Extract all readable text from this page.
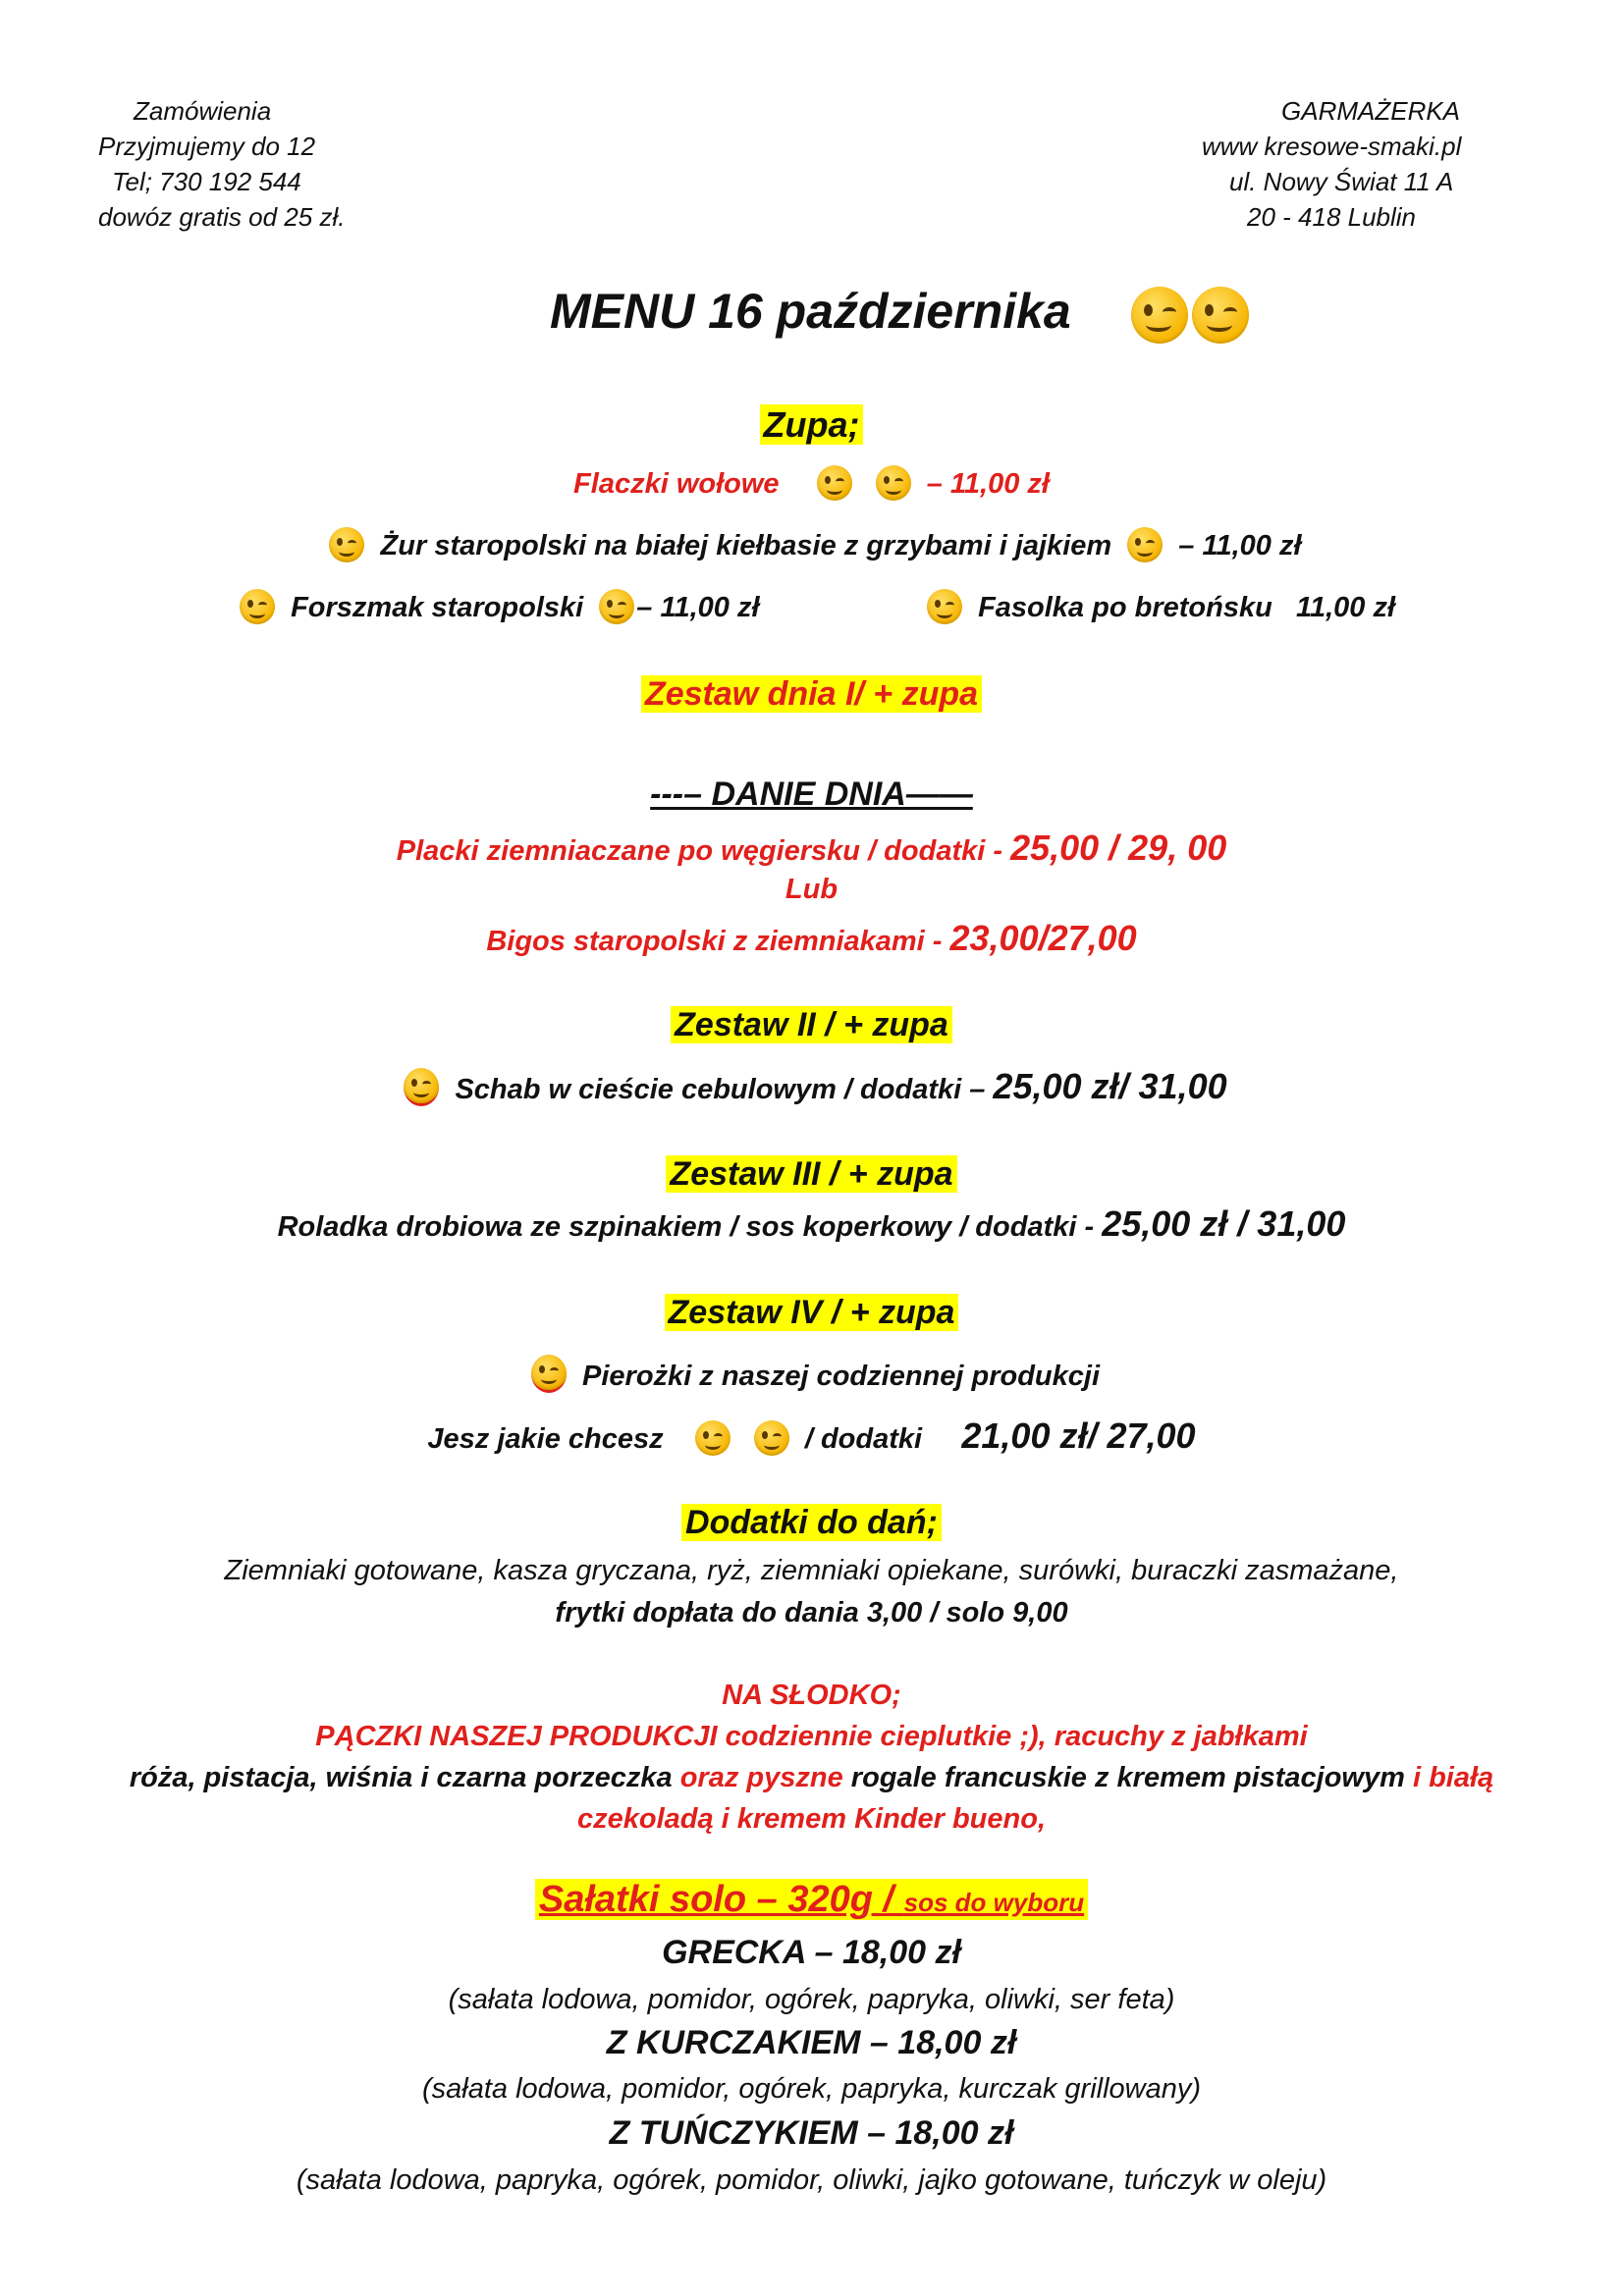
Zamówienia
Przyjmujemy do 12
Tel; 730 192 544
dowóz gratis od 25 zł.
GARMAŻERKA
www kresowe-smaki.pl
ul. Nowy Świat 11 A
20 - 418 Lublin
MENU 16 października
Zupa;
Flaczki wołowe
	– 11,00 zł
Żur staropolski na białej kiełbasie z grzybami i jajkiem – 11,00 zł
Forszmak staropolski – 11,00 zł	Fasolka po bretońsku 11,00 zł
Zestaw dnia I/ + zupa
---– DANIE DNIA——
Placki ziemniaczane po węgiersku / dodatki - 25,00 / 29, 00
Lub
Bigos staropolski z ziemniakami - 23,00/27,00
Zestaw II / + zupa
Schab w cieście cebulowym / dodatki – 25,00 zł/ 31,00
Zestaw III / + zupa
Roladka drobiowa ze szpinakiem / sos koperkowy / dodatki - 25,00 zł / 31,00
Zestaw IV / + zupa
Pierożki z naszej codziennej produkcji
Jesz jakie chcesz
	/ dodatki 21,00 zł/ 27,00
Dodatki do dań;
Ziemniaki gotowane, kasza gryczana, ryż, ziemniaki opiekane, surówki, buraczki zasmażane,
frytki dopłata do dania 3,00 / solo 9,00
NA SŁODKO;
PĄCZKI NASZEJ PRODUKCJI codziennie cieplutkie ;), racuchy z jabłkami
róża, pistacja, wiśnia i czarna porzeczka oraz pyszne rogale francuskie z kremem pistacjowym i białą
czekoladą i kremem Kinder bueno,
Sałatki solo – 320g / sos do wyboru
GRECKA – 18,00 zł
(sałata lodowa, pomidor, ogórek, papryka, oliwki, ser feta)
Z KURCZAKIEM – 18,00 zł
(sałata lodowa, pomidor, ogórek, papryka, kurczak grillowany)
Z TUŃCZYKIEM – 18,00 zł
(sałata lodowa, papryka, ogórek, pomidor, oliwki, jajko gotowane, tuńczyk w oleju)
